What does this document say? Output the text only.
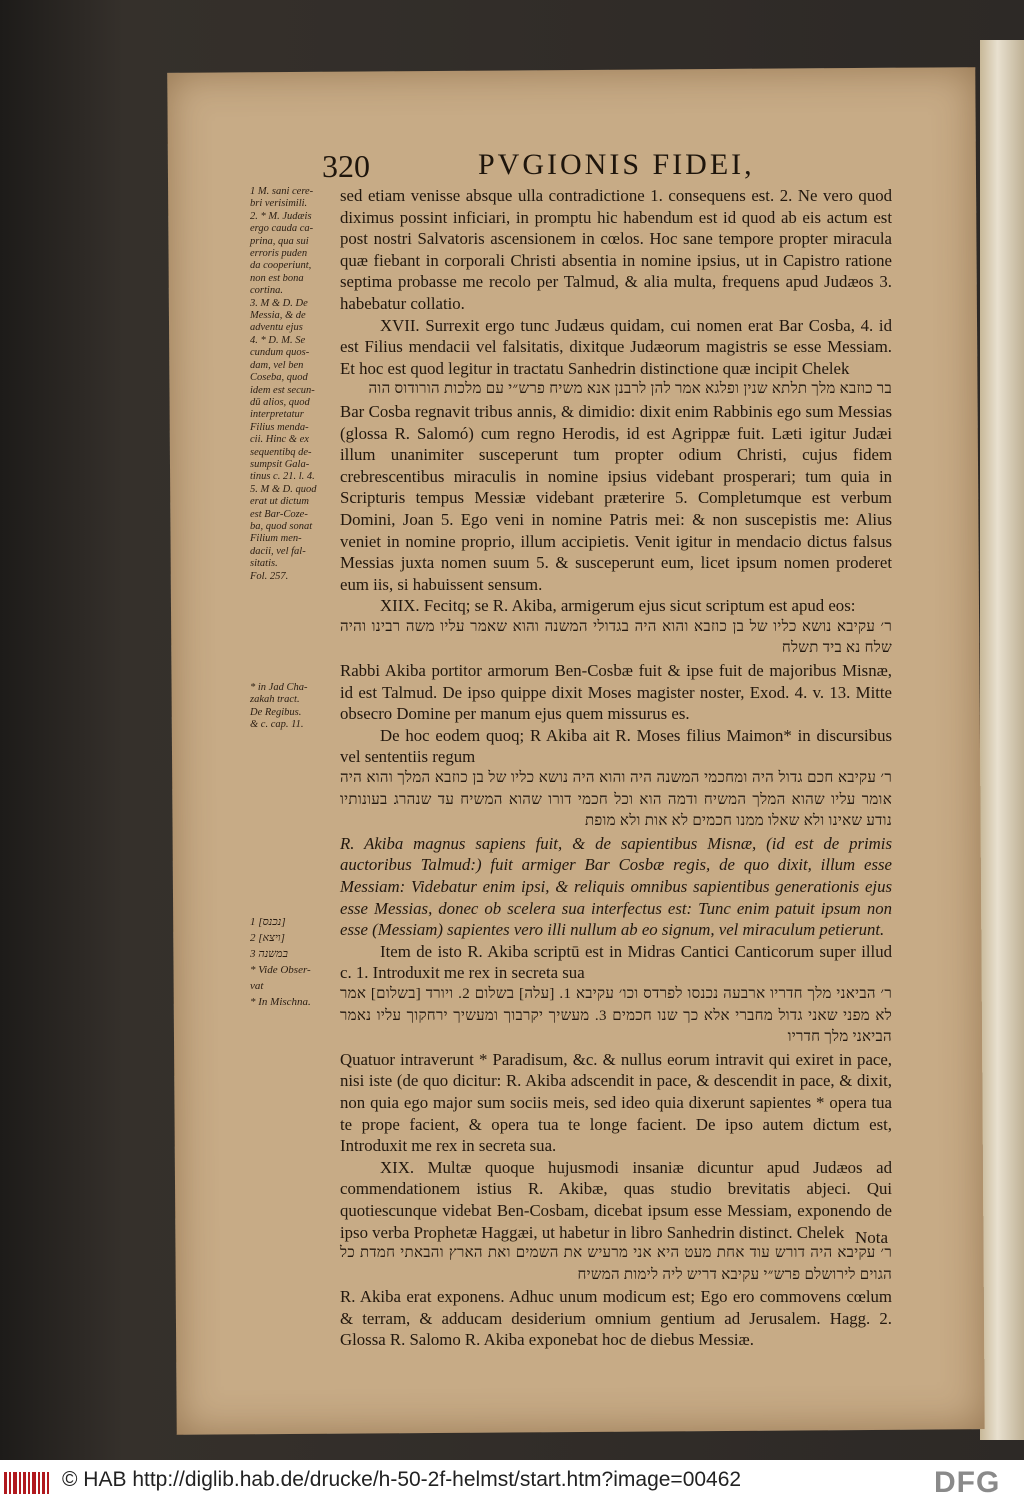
320	PVGIONIS FIDEI,
1 M. sani cere-
bri verisimili.
2. * M. Judæis
ergo cauda ca-
prina, qua sui
erroris puden
da cooperiunt,
non est bona
cortina.
3. M & D. De
Messia, & de
adventu ejus
4. * D. M. Se
cundum quos-
dam, vel ben
Coseba, quod
idem est secun-
dū alios, quod
interpretatur
Filius menda-
cii. Hinc & ex
sequentibq de-
sumpsit Gala-
tinus c. 21. l. 4.
5. M & D. quod
erat ut dictum
est Bar-Coze-
ba, quod sonat
Filium men-
dacii, vel fal-
sitatis.
Fol. 257.
* in Jad Cha-
zakah tract.
De Regibus.
& c. cap. 11.
1 [נכנס]
2 [ויצא]
3 במשנה
* Vide Obser-
vat
* In Mischna.

sed etiam venisse absque ulla contradictione 1. consequens est. 2. Ne vero quod diximus possint inficiari, in promptu hic habendum est id quod ab eis actum est post nostri Salvatoris ascensionem in cœlos. Hoc sane tempore propter miracula quæ fiebant in corporali Christi absentia in nomine ipsius, ut in Capistro ratione septima probasse me recolo per Talmud, & alia multa, frequens apud Judæos 3. habebatur collatio.

XVII. Surrexit ergo tunc Judæus quidam, cui nomen erat Bar Cosba, 4. id est Filius mendacii vel falsitatis, dixitque Judæorum magistris se esse Messiam. Et hoc est quod legitur in tractatu Sanhedrin distinctione quæ incipit Chelek

בר כוזבא מלך תלתא שנין ופלגא אמר להן לרבנן אנא משיח פרש״י עם מלכות הורודוס הוה

Bar Cosba regnavit tribus annis, & dimidio: dixit enim Rabbinis ego sum Messias (glossa R. Salomó) cum regno Herodis, id est Agrippæ fuit. Læti igitur Judæi illum unanimiter susceperunt tum propter odium Christi, cujus fidem crebrescentibus miraculis in nomine ipsius videbant prosperari; tum quia in Scripturis tempus Messiæ videbant præterire 5. Completumque est verbum Domini, Joan 5. Ego veni in nomine Patris mei: & non suscepistis me: Alius veniet in nomine proprio, illum accipietis. Venit igitur in mendacio dictus falsus Messias juxta nomen suum 5. & susceperunt eum, licet ipsum nomen proderet eum iis, si habuissent sensum.

XIIX. Fecitq; se R. Akiba, armigerum ejus sicut scriptum est apud eos:

ר׳ עקיבא נושא כליו של בן כוזבא והוא היה בגדולי המשנה והוא שאמר עליו משה רבינו והיה שלח נא ביד תשלח

Rabbi Akiba portitor armorum Ben-Cosbæ fuit & ipse fuit de majoribus Misnæ, id est Talmud. De ipso quippe dixit Moses magister noster, Exod. 4. v. 13. Mitte obsecro Domine per manum ejus quem missurus es.

De hoc eodem quoq; R Akiba ait R. Moses filius Maimon* in discursibus vel sententiis regum

ר׳ עקיבא חכם גדול היה ומחכמי המשנה היה והוא היה נושא כליו של בן כוזבא המלך והוא היה אומר עליו שהוא המלך המשיח ודמה הוא וכל חכמי דורו שהוא המשיח עד שנהרג בעונותיו נודע שאינו ולא שאלו ממנו חכמים לא אות ולא מופת

R. Akiba magnus sapiens fuit, & de sapientibus Misnæ, (id est de primis auctoribus Talmud:) fuit armiger Bar Cosbæ regis, de quo dixit, illum esse Messiam: Videbatur enim ipsi, & reliquis omnibus sapientibus generationis ejus esse Messias, donec ob scelera sua interfectus est: Tunc enim patuit ipsum non esse (Messiam) sapientes vero illi nullum ab eo signum, vel miraculum petierunt.

Item de isto R. Akiba scriptū est in Midras Cantici Canticorum super illud c. 1. Introduxit me rex in secreta sua

ר׳ הביאני מלך חדריו ארבעה נכנסו לפרדס וכו׳ עקיבא 1. [עלה] בשלום 2. ויורד [בשלום] אמר לא מפני שאני גדול מחברי אלא כך שנו חכמים 3. מעשיך יקרבוך ומעשיך ירחקוך עליו נאמר הביאני מלך חדריו

Quatuor intraverunt * Paradisum, &c. & nullus eorum intravit qui exiret in pace, nisi iste (de quo dicitur: R. Akiba adscendit in pace, & descendit in pace, & dixit, non quia ego major sum sociis meis, sed ideo quia dixerunt sapientes * opera tua te prope facient, & opera tua te longe facient. De ipso autem dictum est, Introduxit me rex in secreta sua.

XIX. Multæ quoque hujusmodi insaniæ dicuntur apud Judæos ad commendationem istius R. Akibæ, quas studio brevitatis abjeci. Qui quotiescunque videbat Ben-Cosbam, dicebat ipsum esse Messiam, exponendo de ipso verba Prophetæ Haggæi, ut habetur in libro Sanhedrin distinct. Chelek

ר׳ עקיבא היה דורש עוד אחת מעט היא אני מרעיש את השמים ואת הארץ והבאתי חמדת כל הגוים לירושלם פרש״י עקיבא דריש ליה לימות המשיח

R. Akiba erat exponens. Adhuc unum modicum est; Ego ero commovens cœlum & terram, & adducam desiderium omnium gentium ad Jerusalem. Hagg. 2. Glossa R. Salomo R. Akiba exponebat hoc de diebus Messiæ.

Nota
© HAB http://diglib.hab.de/drucke/h-50-2f-helmst/start.htm?image=00462	DFG
